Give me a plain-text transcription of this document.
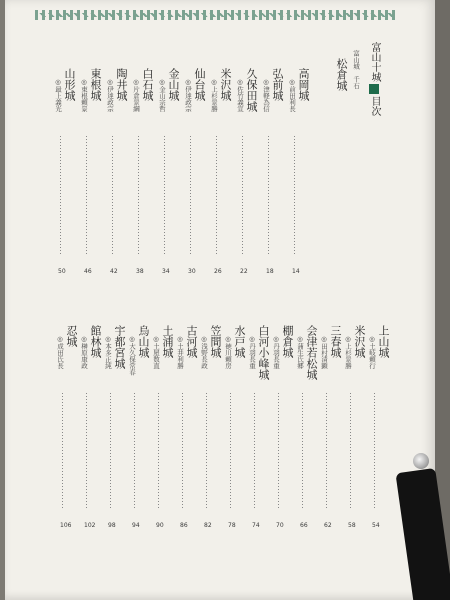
富山十城目次
富山城　千石
松倉城
高岡城
◎前田利長
14
弘前城
◎津軽為信
18
久保田城
◎佐竹義宣
22
米沢城
◎上杉景勝
26
仙台城
◎伊達政宗
30
金山城
◎金山宗哲
34
白石城
◎片倉景綱
38
陶井城
◎伊達政宗
42
東根城
◎東根頼景
46
山形城
◎最上義光
50
上山城
◎土岐頼行
54
米沢城
◎上杉景勝
58
三春城
◎田村清顕
62
会津若松城
◎蒲生氏郷
66
棚倉城
◎丹羽長重
70
白河小峰城
◎丹羽長重
74
水戸城
◎徳川頼房
78
笠間城
◎浅野長政
82
古河城
◎土井利勝
86
土浦城
◎土屋数直
90
烏山城
◎大久保常春
94
宇都宮城
◎本多正純
98
館林城
◎榊原康政
102
忍城
◎成田氏長
106
